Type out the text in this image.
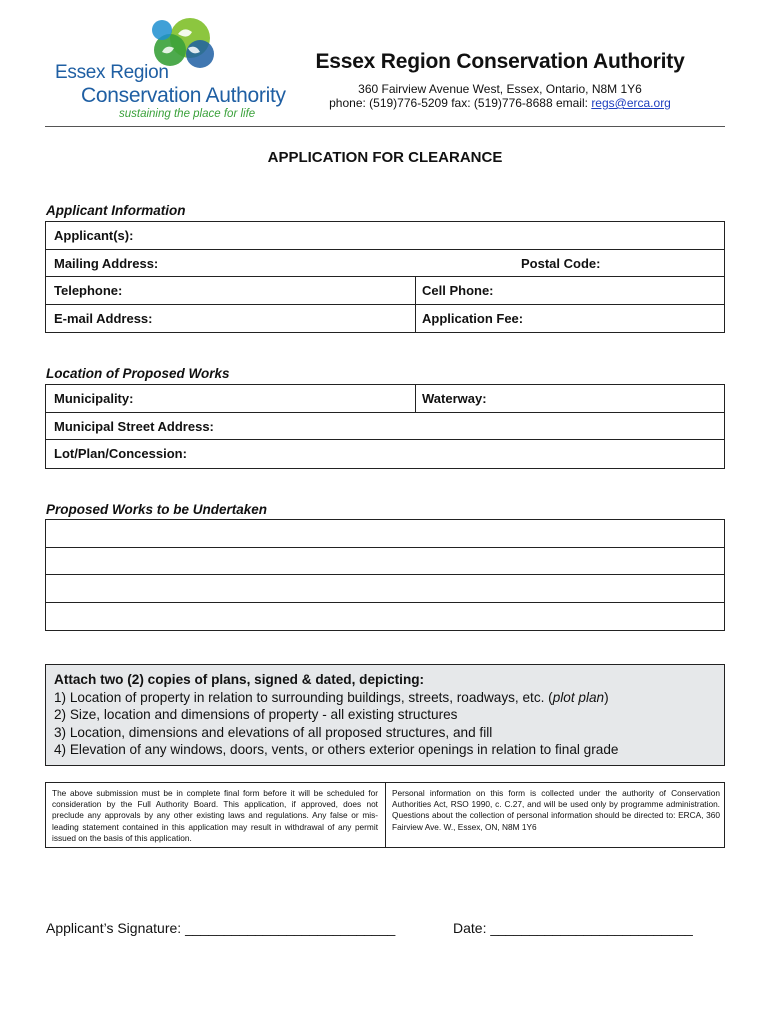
Essex Region
Conservation Authority
sustaining the place for life
Essex Region Conservation Authority
360 Fairview Avenue West, Essex, Ontario, N8M 1Y6
phone: (519)776-5209 fax: (519)776-8688 email: regs@erca.org
APPLICATION FOR CLEARANCE
Applicant Information
Applicant(s):
Mailing Address:	Postal Code:
Telephone:	Cell Phone:
E-mail Address:	Application Fee:
Location of Proposed Works
Municipality:	Waterway:
Municipal Street Address:
Lot/Plan/Concession:
Proposed Works to be Undertaken
Attach two (2) copies of plans, signed & dated, depicting:
1) Location of property in relation to surrounding buildings, streets, roadways, etc. (plot plan)
2) Size, location and dimensions of property - all existing structures
3) Location, dimensions and elevations of all proposed structures, and fill
4) Elevation of any windows, doors, vents, or others exterior openings in relation to final grade
The above submission must be in complete final form before it will be scheduled for consideration by the Full Authority Board. This application, if approved, does not preclude any approvals by any other existing laws and regulations. Any false or mis- leading statement contained in this application may result in withdrawal of any permit issued on the basis of this application.
Personal information on this form is collected under the authority of Conservation Authorities Act, RSO 1990, c. C.27, and will be used only by programme administration. Questions about the collection of personal information should be directed to: ERCA, 360 Fairview Ave. W., Essex, ON, N8M 1Y6
Applicant’s Signature: ___________________________	Date: __________________________
